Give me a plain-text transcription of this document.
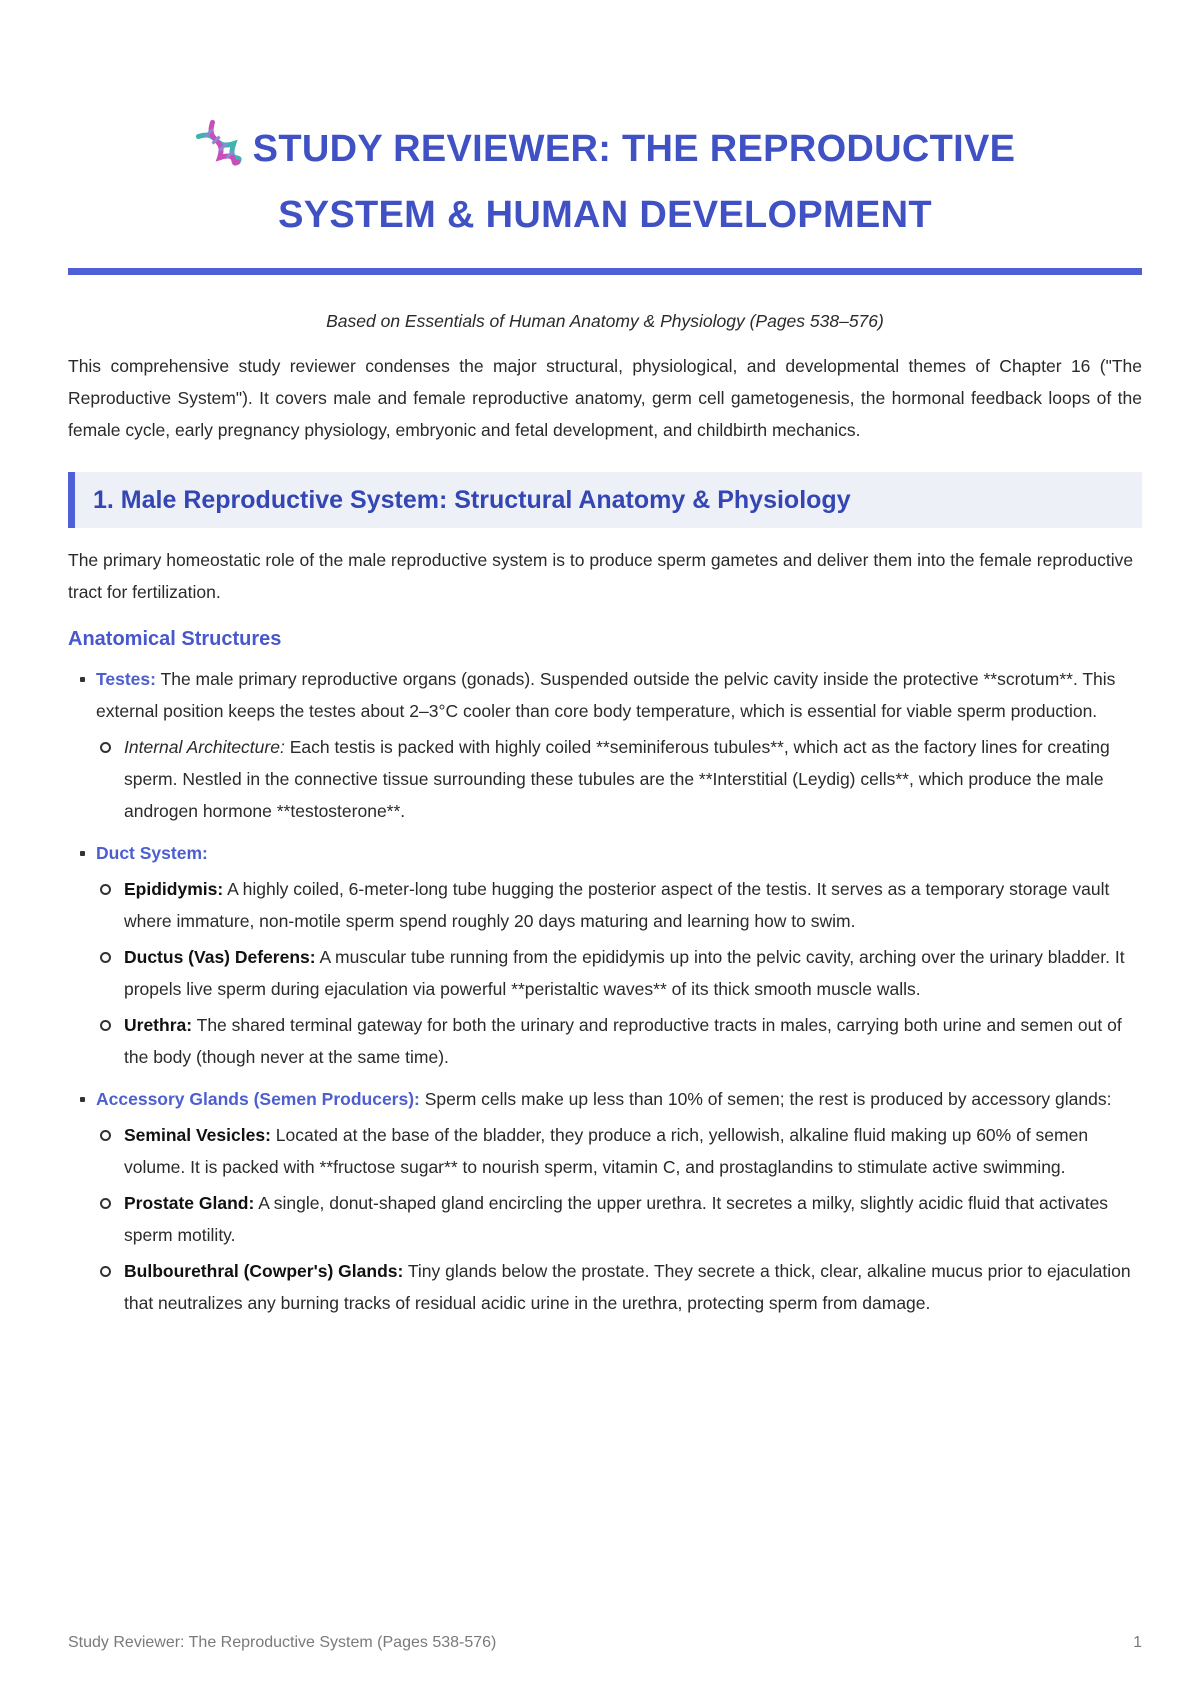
STUDY REVIEWER: THE REPRODUCTIVE
SYSTEM & HUMAN DEVELOPMENT
Based on Essentials of Human Anatomy & Physiology (Pages 538–576)
This comprehensive study reviewer condenses the major structural, physiological, and developmental themes of Chapter 16 ("The Reproductive System"). It covers male and female reproductive anatomy, germ cell gametogenesis, the hormonal feedback loops of the female cycle, early pregnancy physiology, embryonic and fetal development, and childbirth mechanics.
1. Male Reproductive System: Structural Anatomy & Physiology
The primary homeostatic role of the male reproductive system is to produce sperm gametes and deliver them into the female reproductive tract for fertilization.
Anatomical Structures
Testes: The male primary reproductive organs (gonads). Suspended outside the pelvic cavity inside the protective **scrotum**. This external position keeps the testes about 2–3°C cooler than core body temperature, which is essential for viable sperm production.
Internal Architecture: Each testis is packed with highly coiled **seminiferous tubules**, which act as the factory lines for creating sperm. Nestled in the connective tissue surrounding these tubules are the **Interstitial (Leydig) cells**, which produce the male androgen hormone **testosterone**.
Duct System:
Epididymis: A highly coiled, 6-meter-long tube hugging the posterior aspect of the testis. It serves as a temporary storage vault where immature, non-motile sperm spend roughly 20 days maturing and learning how to swim.
Ductus (Vas) Deferens: A muscular tube running from the epididymis up into the pelvic cavity, arching over the urinary bladder. It propels live sperm during ejaculation via powerful **peristaltic waves** of its thick smooth muscle walls.
Urethra: The shared terminal gateway for both the urinary and reproductive tracts in males, carrying both urine and semen out of the body (though never at the same time).
Accessory Glands (Semen Producers): Sperm cells make up less than 10% of semen; the rest is produced by accessory glands:
Seminal Vesicles: Located at the base of the bladder, they produce a rich, yellowish, alkaline fluid making up 60% of semen volume. It is packed with **fructose sugar** to nourish sperm, vitamin C, and prostaglandins to stimulate active swimming.
Prostate Gland: A single, donut-shaped gland encircling the upper urethra. It secretes a milky, slightly acidic fluid that activates sperm motility.
Bulbourethral (Cowper's) Glands: Tiny glands below the prostate. They secrete a thick, clear, alkaline mucus prior to ejaculation that neutralizes any burning tracks of residual acidic urine in the urethra, protecting sperm from damage.
Study Reviewer: The Reproductive System (Pages 538-576)	1
